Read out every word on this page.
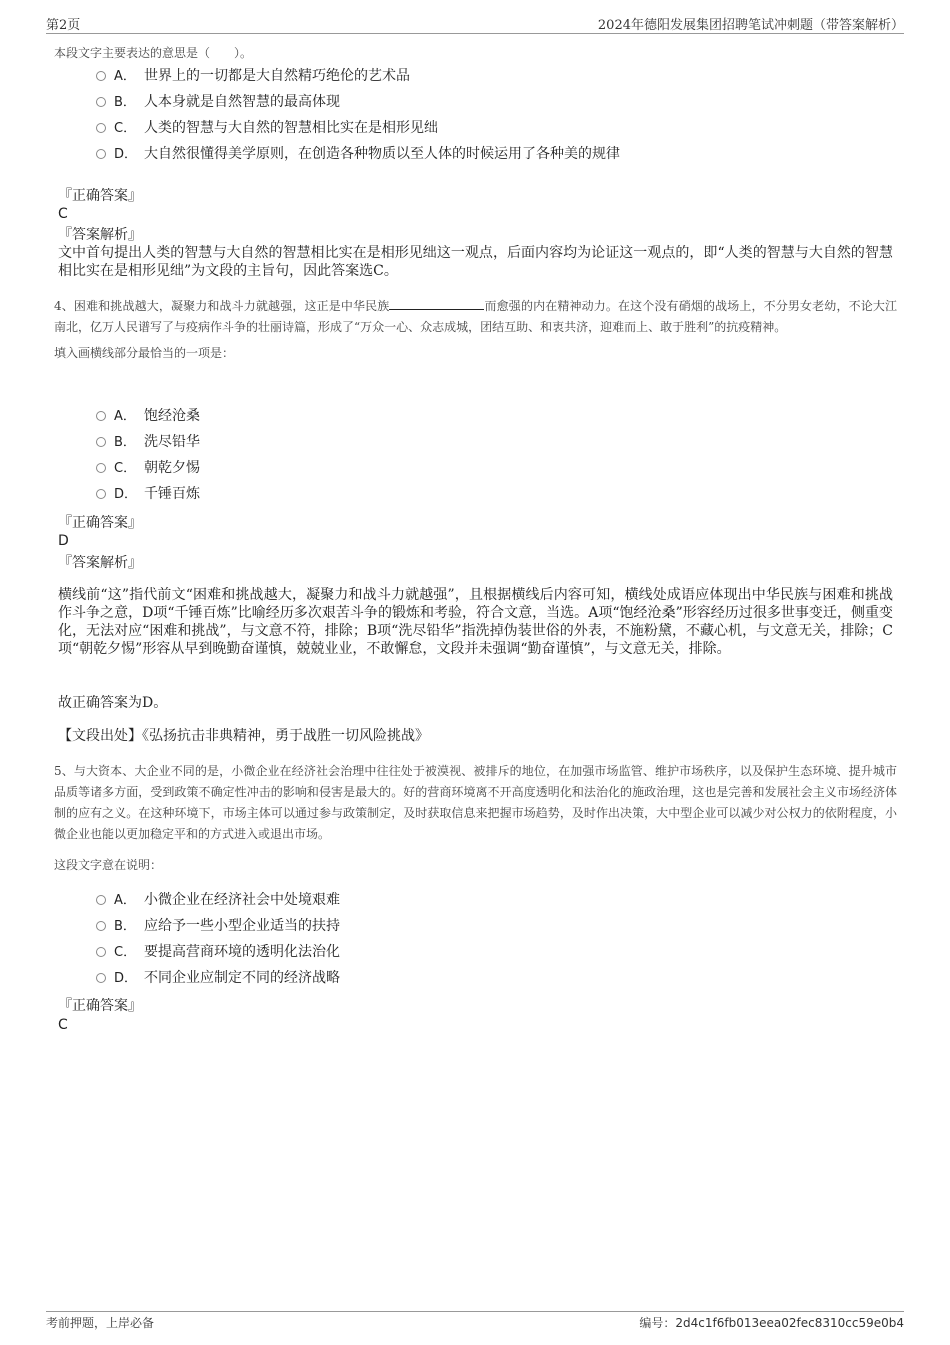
第2页	2024年德阳发展集团招聘笔试冲刺题（带答案解析）
本段文字主要表达的意思是（　　）。
A． 世界上的一切都是大自然精巧绝伦的艺术品
B． 人本身就是自然智慧的最高体现
C． 人类的智慧与大自然的智慧相比实在是相形见绌
D． 大自然很懂得美学原则，在创造各种物质以至人体的时候运用了各种美的规律
『正确答案』
C
『答案解析』
文中首句提出人类的智慧与大自然的智慧相比实在是相形见绌这一观点，后面内容均为论证这一观点的，即“人类的智慧与大自然的智慧相比实在是相形见绌”为文段的主旨句，因此答案选C。
4、困难和挑战越大，凝聚力和战斗力就越强，这正是中华民族	而愈强的内在精神动力。在这个没有硝烟的战场上，不分男女老幼，不论大江南北，亿万人民谱写了与疫病作斗争的壮丽诗篇，形成了“万众一心、众志成城，团结互助、和衷共济，迎难而上、敢于胜利”的抗疫精神。
填入画横线部分最恰当的一项是：
A． 饱经沧桑
B． 洗尽铅华
C． 朝乾夕惕
D． 千锤百炼
『正确答案』
D
『答案解析』
横线前“这”指代前文“困难和挑战越大，凝聚力和战斗力就越强”，且根据横线后内容可知，横线处成语应体现出中华民族与困难和挑战作斗争之意，D项“千锤百炼”比喻经历多次艰苦斗争的锻炼和考验，符合文意，当选。A项“饱经沧桑”形容经历过很多世事变迁，侧重变化，无法对应“困难和挑战”，与文意不符，排除；B项“洗尽铅华”指洗掉伪装世俗的外表，不施粉黛，不藏心机，与文意无关，排除；C项“朝乾夕惕”形容从早到晚勤奋谨慎，兢兢业业，不敢懈怠，文段并未强调“勤奋谨慎”，与文意无关，排除。
故正确答案为D。
【文段出处】《弘扬抗击非典精神，勇于战胜一切风险挑战》
5、与大资本、大企业不同的是，小微企业在经济社会治理中往往处于被漠视、被排斥的地位，在加强市场监管、维护市场秩序，以及保护生态环境、提升城市品质等诸多方面，受到政策不确定性冲击的影响和侵害是最大的。好的营商环境离不开高度透明化和法治化的施政治理，这也是完善和发展社会主义市场经济体制的应有之义。在这种环境下，市场主体可以通过参与政策制定，及时获取信息来把握市场趋势，及时作出决策，大中型企业可以减少对公权力的依附程度，小微企业也能以更加稳定平和的方式进入或退出市场。
这段文字意在说明：
A． 小微企业在经济社会中处境艰难
B． 应给予一些小型企业适当的扶持
C． 要提高营商环境的透明化法治化
D． 不同企业应制定不同的经济战略
『正确答案』
C
考前押题，上岸必备	编号：2d4c1f6fb013eea02fec8310cc59e0b4
